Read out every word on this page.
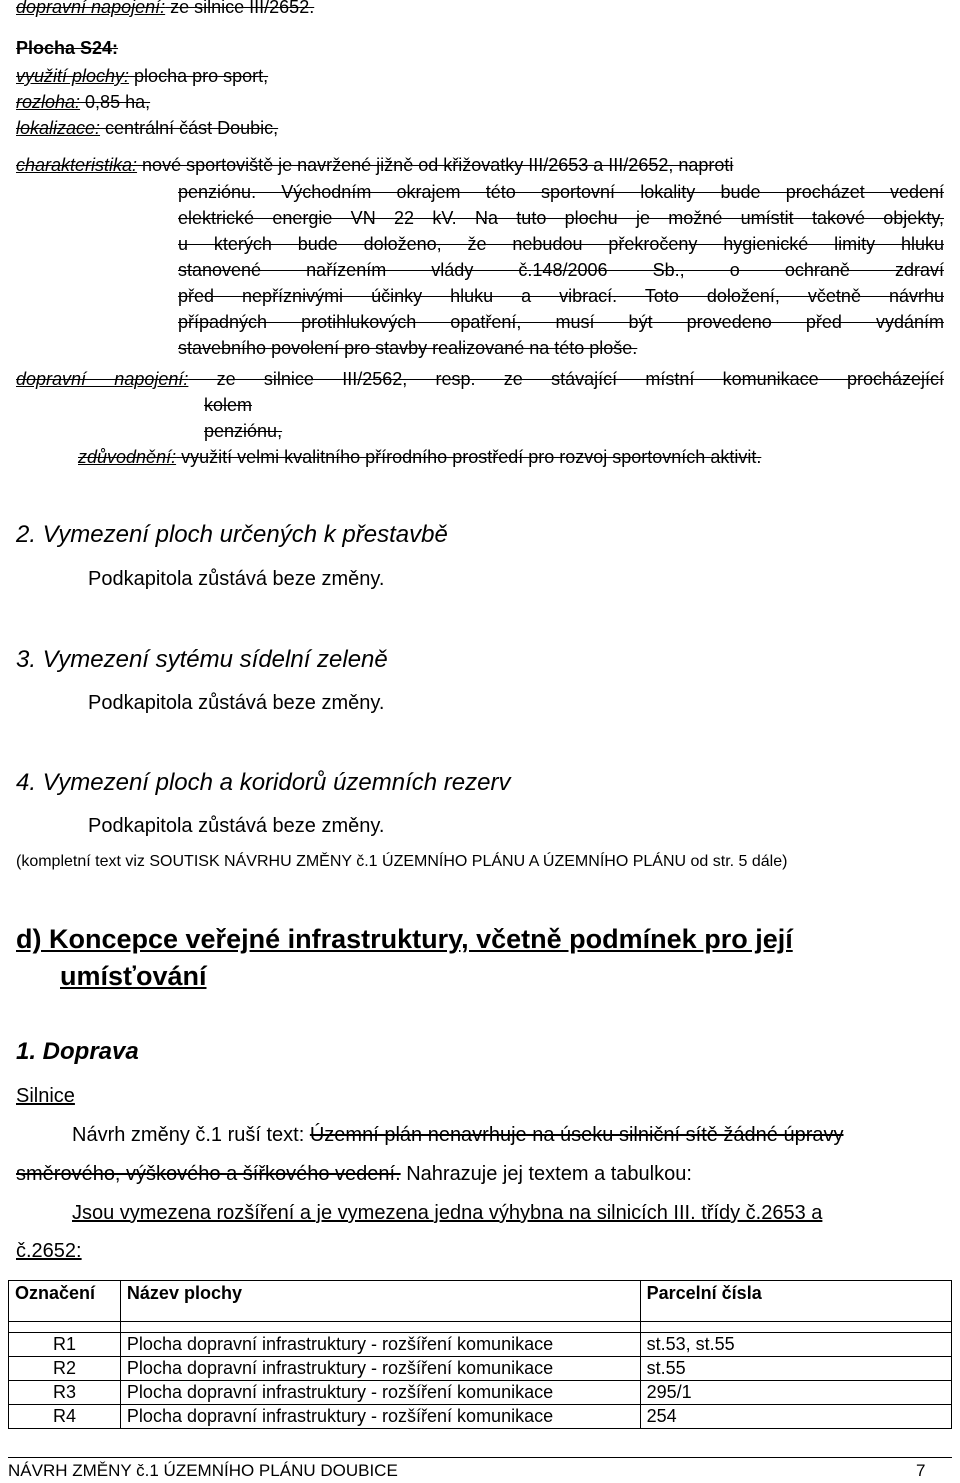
dopravní napojení: ze silnice III/2652.
Plocha S24:
využití plochy: plocha pro sport,
rozloha: 0,85 ha,
lokalizace: centrální část Doubic,
charakteristika: nové sportoviště je navržené jižně od křižovatky III/2653 a III/2652, naproti
penziónu. Východním okrajem této sportovní lokality bude procházet vedení
elektrické energie VN 22 kV. Na tuto plochu je možné umístit takové objekty,
u kterých bude doloženo, že nebudou překročeny hygienické limity hluku
stanovené nařízením vlády č.148/2006 Sb., o ochraně zdraví
před nepříznivými účinky hluku a vibrací. Toto doložení, včetně návrhu
případných protihlukových opatření, musí být provedeno před vydáním
stavebního povolení pro stavby realizované na této ploše.
dopravní napojení: ze silnice III/2562, resp. ze stávající místní komunikace procházející
kolem
penziónu,
zdůvodnění: využití velmi kvalitního přírodního prostředí pro rozvoj sportovních aktivit.
2. Vymezení ploch určených k přestavbě
Podkapitola zůstává beze změny.
3. Vymezení sytému sídelní zeleně
Podkapitola zůstává beze změny.
4. Vymezení ploch a koridorů územních rezerv
Podkapitola zůstává beze změny.
(kompletní text viz SOUTISK NÁVRHU ZMĚNY č.1 ÚZEMNÍHO PLÁNU A ÚZEMNÍHO PLÁNU od str. 5 dále)
d) Koncepce veřejné infrastruktury, včetně podmínek pro její
umísťování
1. Doprava
Silnice
Návrh změny č.1 ruší text: Územní plán nenavrhuje na úseku silniční sítě žádné úpravy
směrového, výškového a šířkového vedení. Nahrazuje jej textem a tabulkou:
Jsou vymezena rozšíření a je vymezena jedna výhybna na silnicích III. třídy č.2653 a
č.2652:
Označení	Název plochy	Parcelní čísla

R1	Plocha dopravní infrastruktury - rozšíření komunikace	st.53, st.55
R2	Plocha dopravní infrastruktury - rozšíření komunikace	st.55
R3	Plocha dopravní infrastruktury - rozšíření komunikace	295/1
R4	Plocha dopravní infrastruktury - rozšíření komunikace	254
NÁVRH ZMĚNY č.1 ÚZEMNÍHO PLÁNU DOUBICE	7
